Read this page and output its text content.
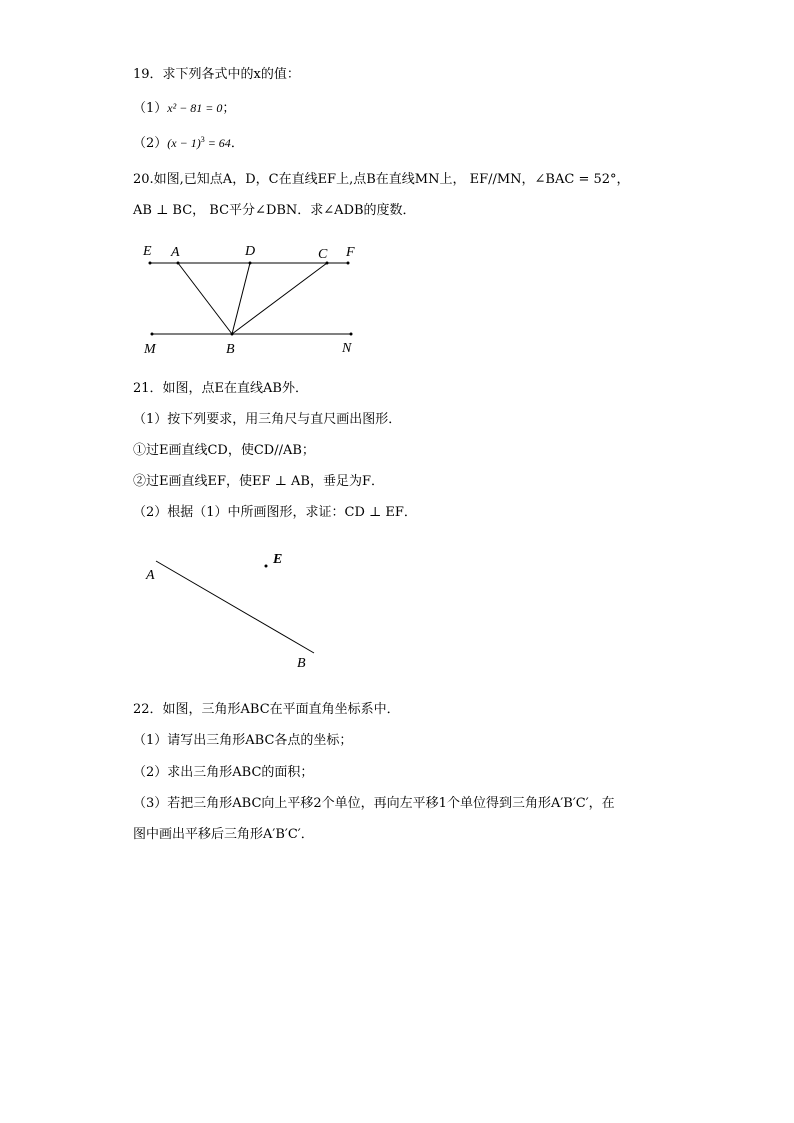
19．求下列各式中的x的值：
（1）x² − 81 = 0；
$(2)(x - 1)^3 = 64$．
20.如图,已知点A，D，C在直线EF上,点B在直线MN上， EF//MN，∠BAC = 52°，
AB ⊥ BC， BC平分∠DBN．求∠ADB的度数．
E A	D	C F
M	B	N
21．如图，点E在直线AB外．
（1）按下列要求，用三角尺与直尺画出图形．
①过E画直线CD，使CD//AB；
②过E画直线EF，使EF ⊥ AB，垂足为F．
（2）根据（1）中所画图形，求证：CD ⊥ EF．
A
B
E
22．如图，三角形ABC在平面直角坐标系中．
（1）请写出三角形ABC各点的坐标；
（2）求出三角形ABC的面积；
（3）若把三角形ABC向上平移2个单位，再向左平移1个单位得到三角形A′B′C′，在
图中画出平移后三角形A′B′C′．
